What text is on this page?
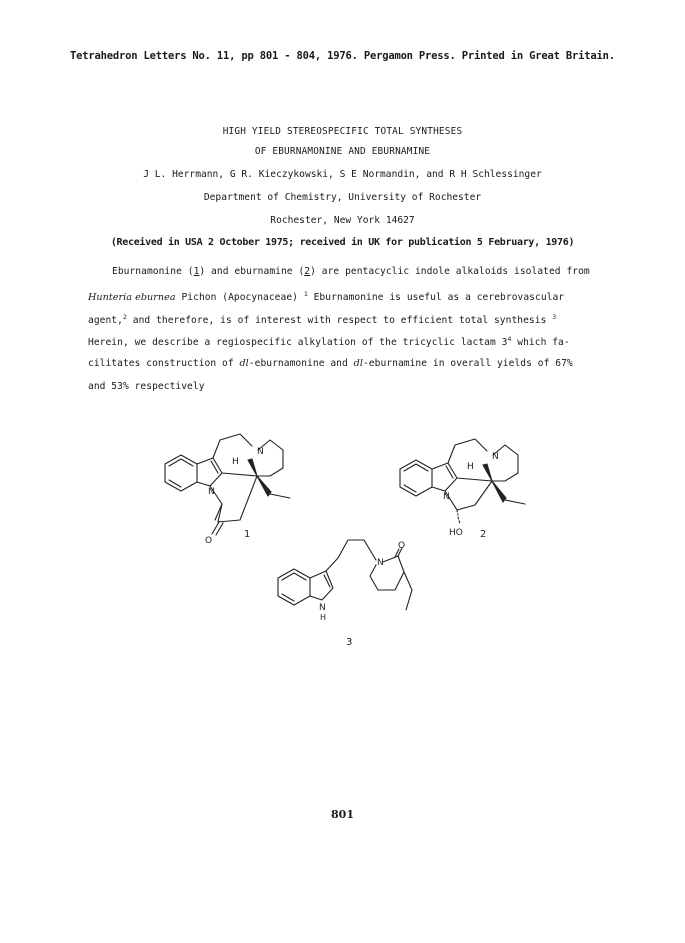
Tetrahedron Letters No. 11, pp 801 - 804, 1976. Pergamon Press. Printed in Great Britain.
HIGH YIELD STEREOSPECIFIC TOTAL SYNTHESES
OF EBURNAMONINE AND EBURNAMINE
J L. Herrmann, G R. Kieczykowski, S E Normandin, and R H Schlessinger
Department of Chemistry, University of Rochester
Rochester, New York 14627
(Received in USA 2 October 1975; received in UK for publication 5 February, 1976)
Eburnamonine (1) and eburnamine (2) are pentacyclic indole alkaloids isolated from
Hunteria eburnea Pichon (Apocynaceae) $^1$ Eburnamonine is useful as a cerebrovascular
agent,$^2$ and therefore, is of interest with respect to efficient total synthesis $^3$
Herein, we describe a regiospecific alkylation of the tricyclic lactam $3^4$ which fa-
cilitates construction of dl-eburnamonine and dl-eburnamine in overall yields of 67%
and 53% respectively
N
H
N
O
1
N
H
N
HO 2
N
O
N
H
3
801
